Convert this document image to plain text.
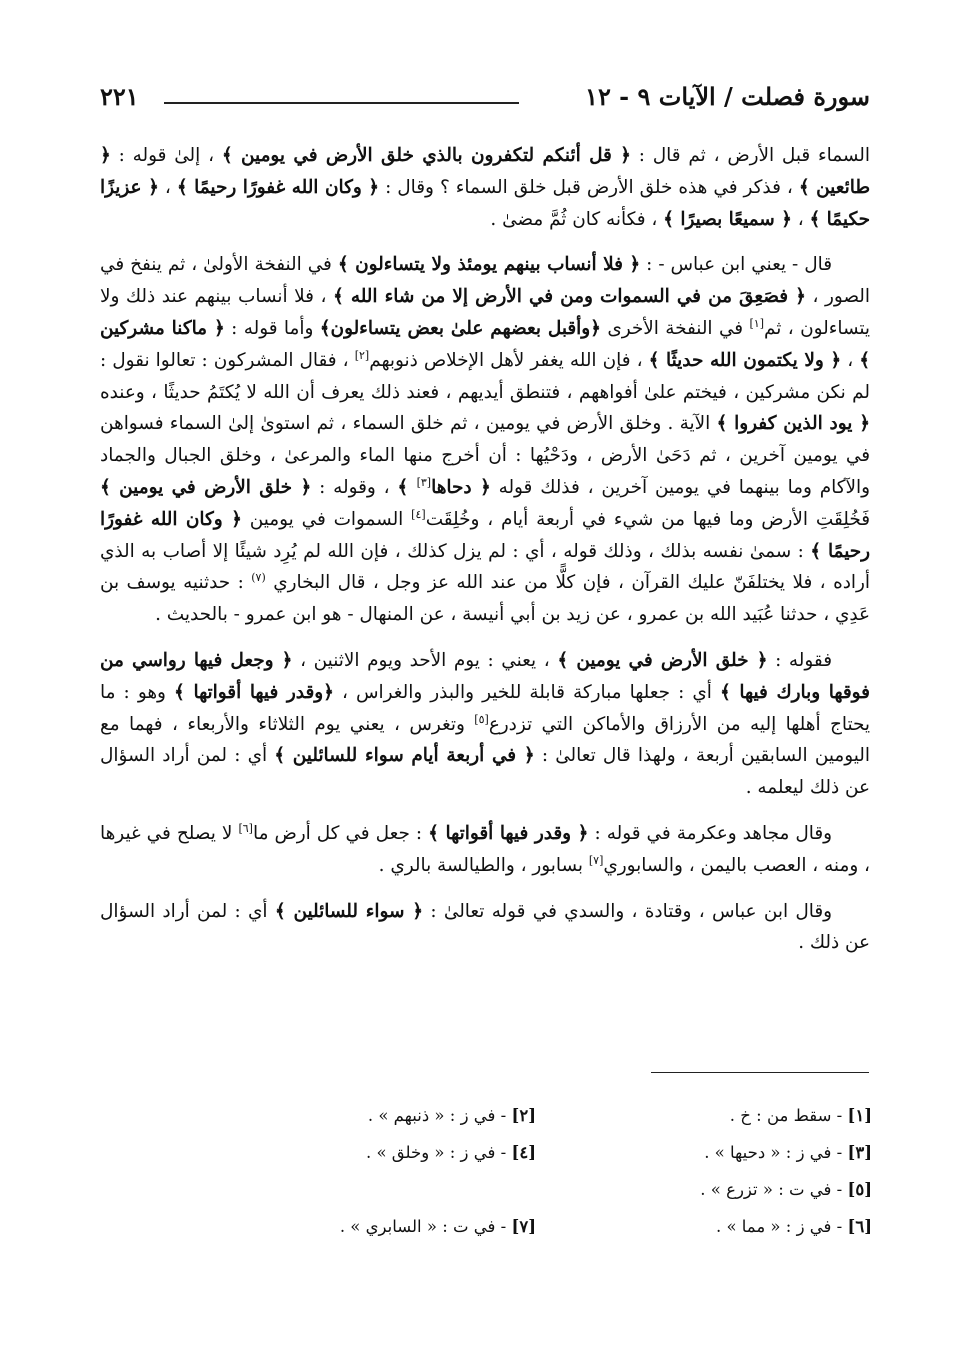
سورة فصلت / الآيات ٩ - ١٢
٢٢١

السماء قبل الأرض ، ثم قال : ﴿ قل أئنكم لتكفرون بالذي خلق الأرض في يومين ﴾ ، إلىٰ قوله : ﴿ طائعين ﴾ ، فذكر في هذه خلق الأرض قبل خلق السماء ؟ وقال : ﴿ وكان الله غفورًا رحيمًا ﴾ ، ﴿ عزيزًا حكيمًا ﴾ ، ﴿ سميعًا بصيرًا ﴾ ، فكأنه كان ثُمَّ مضىٰ .

قال - يعني ابن عباس - : ﴿ فلا أنساب بينهم يومئذ ولا يتساءلون ﴾ في النفخة الأولىٰ ، ثم ينفخ في الصور ، ﴿ فصَعِقَ من في السموات ومن في الأرض إلا من شاء الله ﴾ ، فلا أنساب بينهم عند ذلك ولا يتساءلون ، ثم[١] في النفخة الأخرى ﴿وأقبل بعضهم علىٰ بعض يتساءلون﴾ وأما قوله : ﴿ ماكنا مشركين ﴾ ، ﴿ ولا يكتمون الله حديثًا ﴾ ، فإن الله يغفر لأهل الإخلاص ذنوبهم[٢] ، فقال المشركون : تعالوا نقول : لم نكن مشركين ، فيختم علىٰ أفواههم ، فتنطق أيديهم ، فعند ذلك يعرف أن الله لا يُكتَمُ حديثًا ، وعنده ﴿ يود الذين كفروا ﴾ الآية . وخلق الأرض في يومين ، ثم خلق السماء ، ثم استوىٰ إلىٰ السماء فسواهن في يومين آخرين ، ثم دَحَىٰ الأرض ، ودَحْيُها : أن أخرج منها الماء والمرعىٰ ، وخلق الجبال والجماد والآكام وما بينهما في يومين آخرين ، فذلك قوله ﴿ دحاها[٣] ﴾ ، وقوله : ﴿ خلق الأرض في يومين ﴾ فَخُلِقَتِ الأرض وما فيها من شيء في أربعة أيام ، وخُلِقَت[٤] السموات في يومين ﴿ وكان الله غفورًا رحيمًا ﴾ : سمىٰ نفسه بذلك ، وذلك قوله ، أي : لم يزل كذلك ، فإن الله لم يُرِد شيئًا إلا أصاب به الذي أراده ، فلا يختلفَنّ عليك القرآن ، فإن كلًّا من عند الله عز وجل ، قال البخاري $^{(٧)}$ : حدثنيه يوسف بن عَدِي ، حدثنا عُبَيد الله بن عمرو ، عن زيد بن أبي أنيسة ، عن المنهال - هو ابن عمرو - بالحديث .

فقوله : ﴿ خلق الأرض في يومين ﴾ ، يعني : يوم الأحد ويوم الاثنين ، ﴿ وجعل فيها رواسي من فوقها وبارك فيها ﴾ أي : جعلها مباركة قابلة للخير والبذر والغراس ، ﴿وقدر فيها أقواتها ﴾ وهو : ما يحتاج أهلها إليه من الأرزاق والأماكن التي تزدرع[٥] وتغرس ، يعني يوم الثلاثاء والأربعاء ، فهما مع اليومين السابقين أربعة ، ولهذا قال تعالىٰ : ﴿ في أربعة أيام سواء للسائلين ﴾ أي : لمن أراد السؤال عن ذلك ليعلمه .

وقال مجاهد وعكرمة في قوله : ﴿ وقدر فيها أقواتها ﴾ : جعل في كل أرض ما[٦] لا يصلح في غيرها ، ومنه ، العصب باليمن ، والسابوري[٧] بسابور ، والطيالسة بالري .

وقال ابن عباس ، وقتادة ، والسدي في قوله تعالىٰ : ﴿ سواء للسائلين ﴾ أي : لمن أراد السؤال عن ذلك .

[١] - سقط من : خ .
[٢] - في ز : « ذنبهم » .
[٣] - في ز : « دحيها » .
[٤] - في ز : « وخلق » .
[٥] - في ت : « تزرع » .
[٦] - في ز : « مما » .
[٧] - في ت : « السابري » .
